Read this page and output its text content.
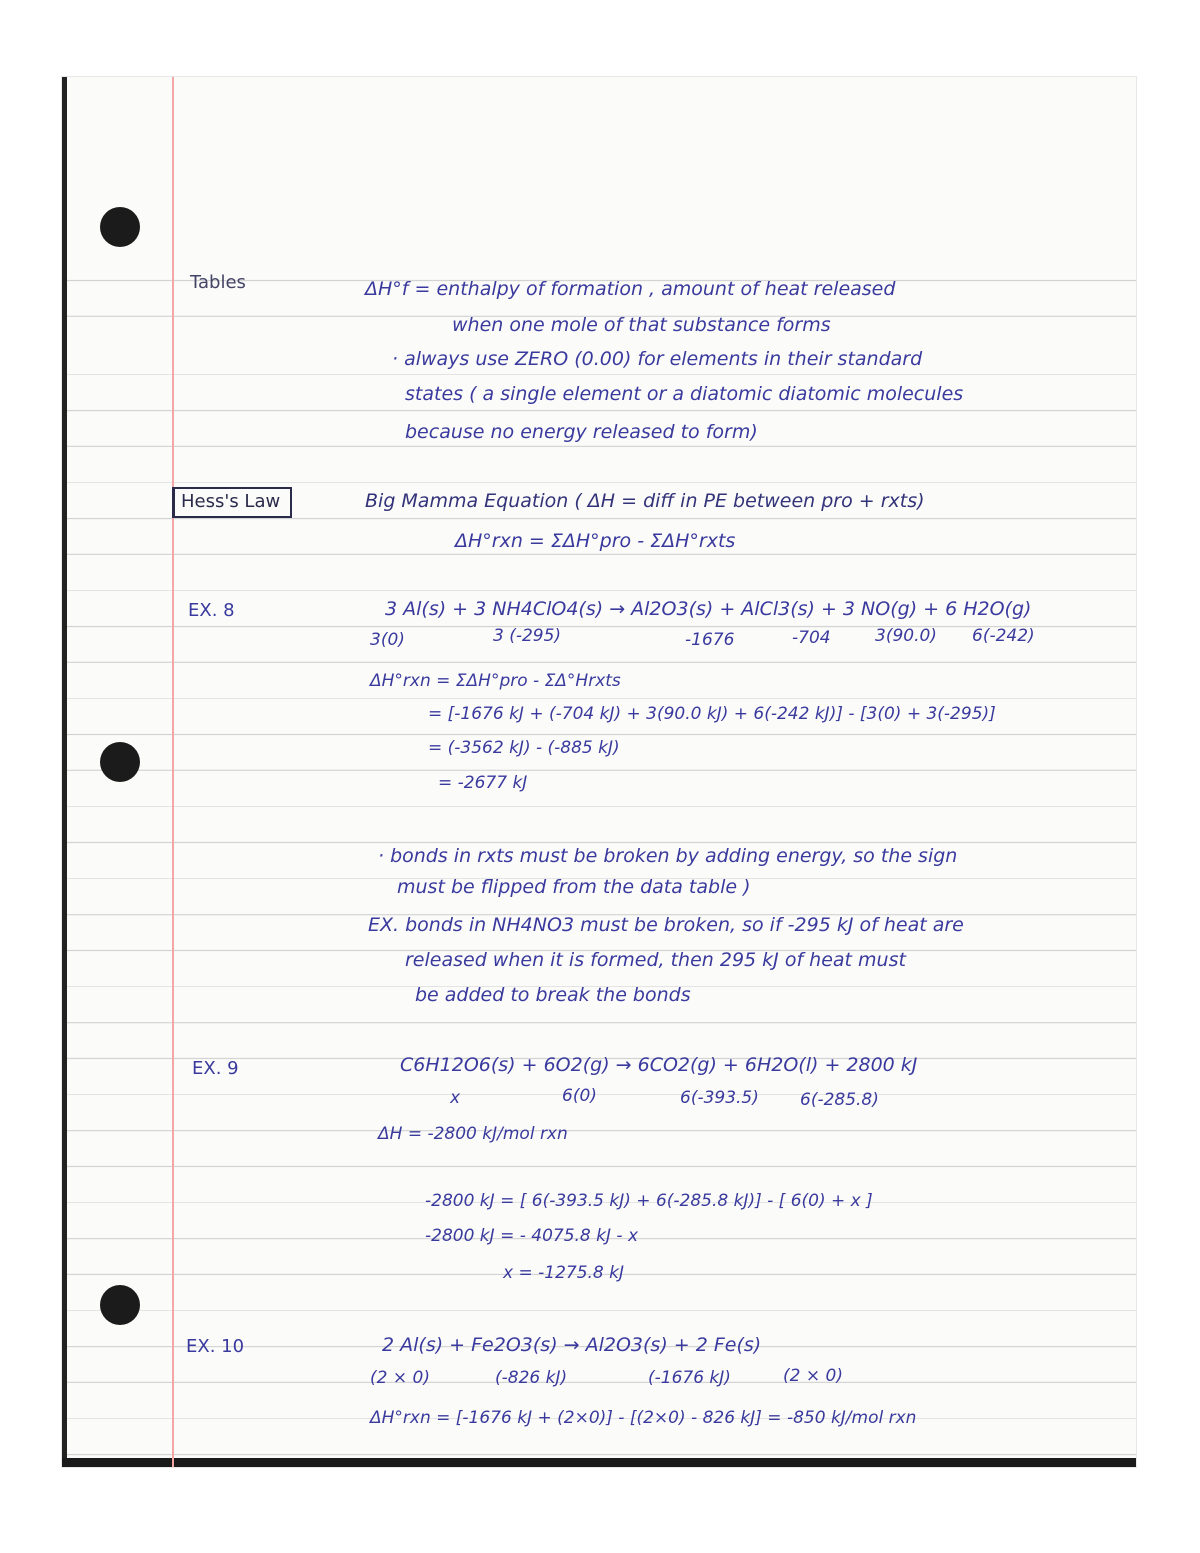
Tables
Hess's Law
EX. 8
EX. 9
EX. 10
ΔH°f = enthalpy of formation , amount of heat released
when one mole of that substance forms
· always use ZERO (0.00) for elements in their standard
states ( a single element or a diatomic diatomic molecules
because no energy released to form)
Big Mamma Equation ( ΔH = diff in PE between pro + rxts)
ΔH°rxn = ΣΔH°pro - ΣΔH°rxts
3 Al(s) + 3 NH4ClO4(s) → Al2O3(s) + AlCl3(s) + 3 NO(g) + 6 H2O(g)
3(0)	3 (-295)	-1676	-704	3(90.0) 6(-242)
ΔH°rxn = ΣΔH°pro - ΣΔ°Hrxts
= [-1676 kJ + (-704 kJ) + 3(90.0 kJ) + 6(-242 kJ)] - [3(0) + 3(-295)]
= (-3562 kJ) - (-885 kJ)
= -2677 kJ
· bonds in rxts must be broken by adding energy, so the sign
must be flipped from the data table )
EX. bonds in NH4NO3 must be broken, so if -295 kJ of heat are
released when it is formed, then 295 kJ of heat must
be added to break the bonds
C6H12O6(s) + 6O2(g) → 6CO2(g) + 6H2O(l) + 2800 kJ
x	6(0)	6(-393.5) 6(-285.8)
ΔH = -2800 kJ/mol rxn
-2800 kJ = [ 6(-393.5 kJ) + 6(-285.8 kJ)] - [ 6(0) + x ]
-2800 kJ = - 4075.8 kJ - x
x = -1275.8 kJ
2 Al(s) + Fe2O3(s) → Al2O3(s) + 2 Fe(s)
(2 × 0)	(-826 kJ)	(-1676 kJ)	(2 × 0)
ΔH°rxn = [-1676 kJ + (2×0)] - [(2×0) - 826 kJ] = -850 kJ/mol rxn
